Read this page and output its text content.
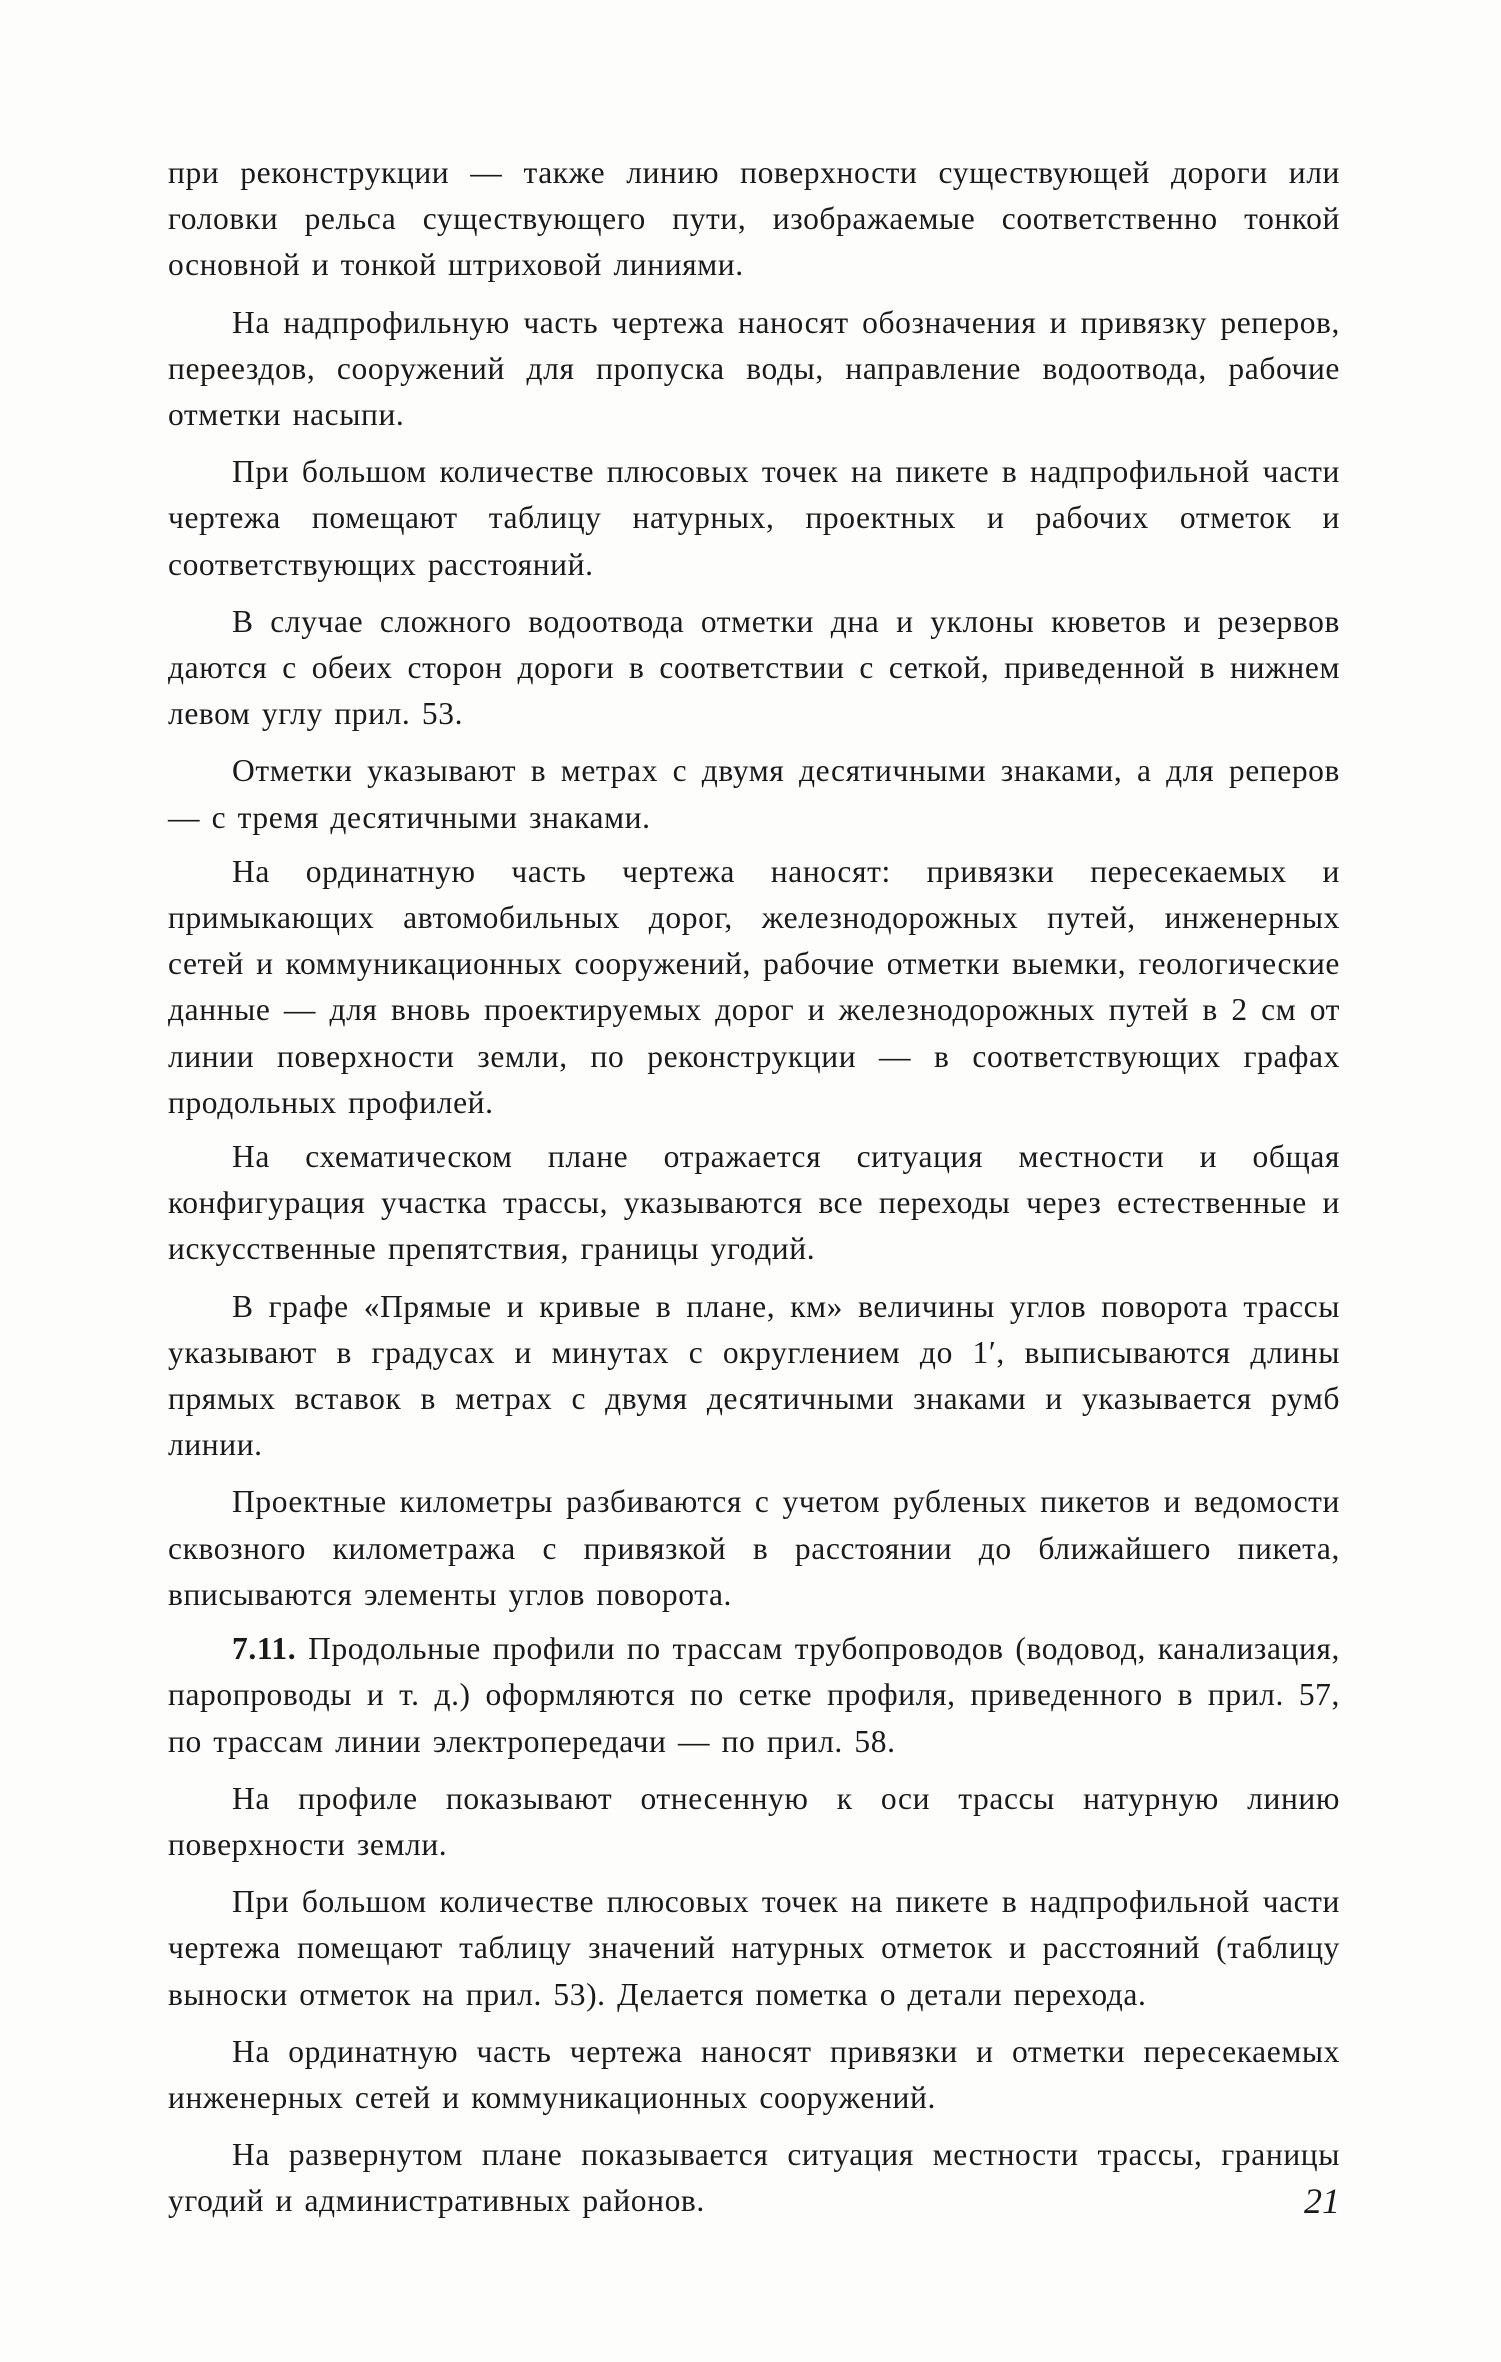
при реконструкции — также линию поверхности существующей дороги или головки рельса существующего пути, изображаемые соответственно тонкой основной и тонкой штриховой линиями.

На надпрофильную часть чертежа наносят обозначения и привязку реперов, переездов, сооружений для пропуска воды, направление водоотвода, рабочие отметки насыпи.

При большом количестве плюсовых точек на пикете в надпрофильной части чертежа помещают таблицу натурных, проектных и рабочих отметок и соответствующих расстояний.

В случае сложного водоотвода отметки дна и уклоны кюветов и резервов даются с обеих сторон дороги в соответствии с сеткой, приведенной в нижнем левом углу прил. 53.

Отметки указывают в метрах с двумя десятичными знаками, а для реперов — с тремя десятичными знаками.

На ординатную часть чертежа наносят: привязки пересекаемых и примыкающих автомобильных дорог, железнодорожных путей, инженерных сетей и коммуникационных сооружений, рабочие отметки выемки, геологические данные — для вновь проектируемых дорог и железнодорожных путей в 2 см от линии поверхности земли, по реконструкции — в соответствующих графах продольных профилей.

На схематическом плане отражается ситуация местности и общая конфигурация участка трассы, указываются все переходы через естественные и искусственные препятствия, границы угодий.

В графе «Прямые и кривые в плане, км» величины углов поворота трассы указывают в градусах и минутах с округлением до 1′, выписываются длины прямых вставок в метрах с двумя десятичными знаками и указывается румб линии.

Проектные километры разбиваются с учетом рубленых пикетов и ведомости сквозного километража с привязкой в расстоянии до ближайшего пикета, вписываются элементы углов поворота.

7.11. Продольные профили по трассам трубопроводов (водовод, канализация, паропроводы и т. д.) оформляются по сетке профиля, приведенного в прил. 57, по трассам линии электропередачи — по прил. 58.

На профиле показывают отнесенную к оси трассы натурную линию поверхности земли.

При большом количестве плюсовых точек на пикете в надпрофильной части чертежа помещают таблицу значений натурных отметок и расстояний (таблицу выноски отметок на прил. 53). Делается пометка о детали перехода.

На ординатную часть чертежа наносят привязки и отметки пересекаемых инженерных сетей и коммуникационных сооружений.

На развернутом плане показывается ситуация местности трассы, границы угодий и административных районов.	21
